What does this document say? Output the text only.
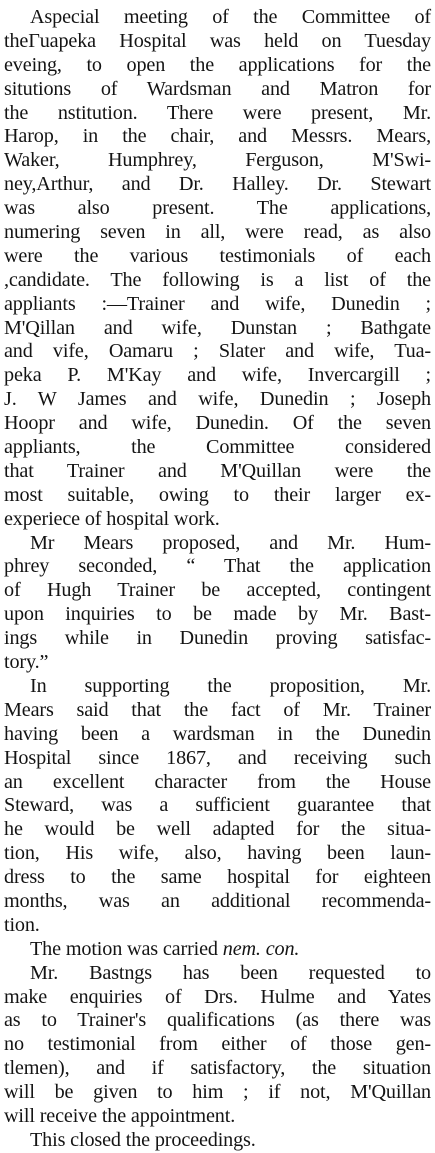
Aspecial meeting of the Committee of
theΓuapeka Hospital was held on Tuesday
eveing, to open the applications for the
situtions of Wardsman and Matron for
the nstitution. There were present, Mr.
Harop, in the chair, and Messrs. Mears,
Waker, Humphrey, Ferguson, M'Swi-
ney,Arthur, and Dr. Halley. Dr. Stewart
was also present. The applications,
numering seven in all, were read, as also
were the various testimonials of each
,candidate. The following is a list of the
appliants :—Trainer and wife, Dunedin ;
M'Qillan and wife, Dunstan ; Bathgate
and vife, Oamaru ; Slater and wife, Tua-
peka P. M'Kay and wife, Invercargill ;
J. W James and wife, Dunedin ; Joseph
Hoopr and wife, Dunedin. Of the seven
appliants, the Committee considered
that Trainer and M'Quillan were the
most suitable, owing to their larger ex-
experiece of hospital work.
Mr Mears proposed, and Mr. Hum-
phrey seconded, “ That the application
of Hugh Trainer be accepted, contingent
upon inquiries to be made by Mr. Bast-
ings while in Dunedin proving satisfac-
tory.”
In supporting the proposition, Mr.
Mears said that the fact of Mr. Trainer
having been a wardsman in the Dunedin
Hospital since 1867, and receiving such
an excellent character from the House
Steward, was a sufficient guarantee that
he would be well adapted for the situa-
tion, His wife, also, having been laun-
dress to the same hospital for eighteen
months, was an additional recommenda-
tion.
The motion was carried nem. con.
Mr. Bastngs has been requested to
make enquiries of Drs. Hulme and Yates
as to Trainer's qualifications (as there was
no testimonial from either of those gen-
tlemen), and if satisfactory, the situation
will be given to him ; if not, M'Quillan
will receive the appointment.
This closed the proceedings.
